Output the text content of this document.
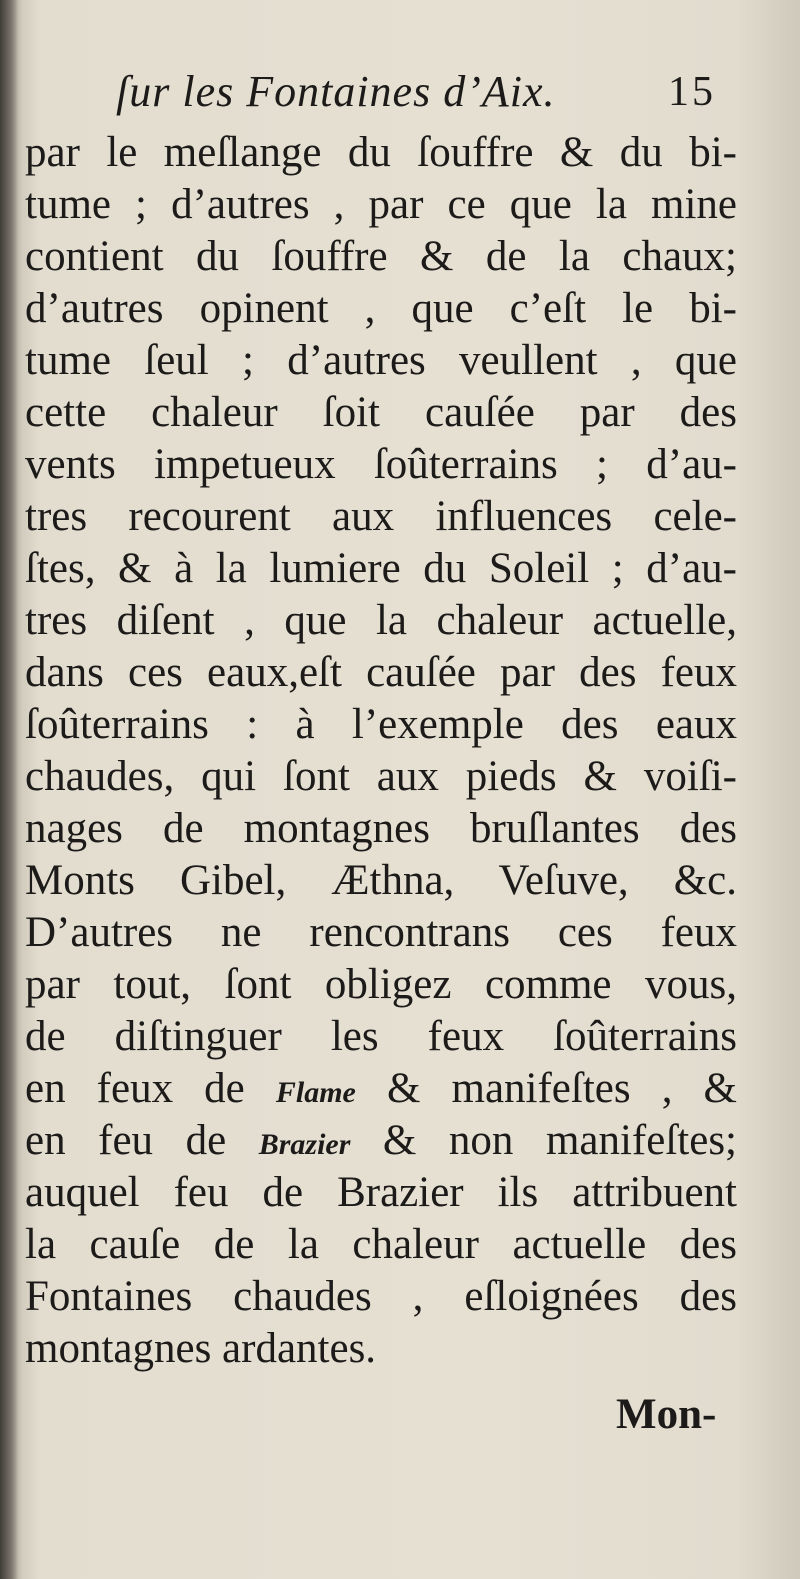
ſur les Fontaines d’Aix.	15
par le meſlange du ſouffre & du bi-
tume ; d’autres , par ce que la mine
contient du ſouffre & de la chaux;
d’autres opinent , que c’eſt le bi-
tume ſeul ; d’autres veullent , que
cette chaleur ſoit cauſée par des
vents impetueux ſoûterrains ; d’au-
tres recourent aux influences cele-
ſtes, & à la lumiere du Soleil ; d’au-
tres diſent , que la chaleur actuelle,
dans ces eaux,eſt cauſée par des feux
ſoûterrains : à l’exemple des eaux
chaudes, qui ſont aux pieds & voiſi-
nages de montagnes bruſlantes des
Monts Gibel, Æthna, Veſuve, &c.
D’autres ne rencontrans ces feux
par tout, ſont obligez comme vous,
de diſtinguer les feux ſoûterrains
en feux de Flame & manifeſtes , &
en feu de Brazier & non manifeſtes;
auquel feu de Brazier ils attribuent
la cauſe de la chaleur actuelle des
Fontaines chaudes , eſloignées des
montagnes ardantes.
Mon-
